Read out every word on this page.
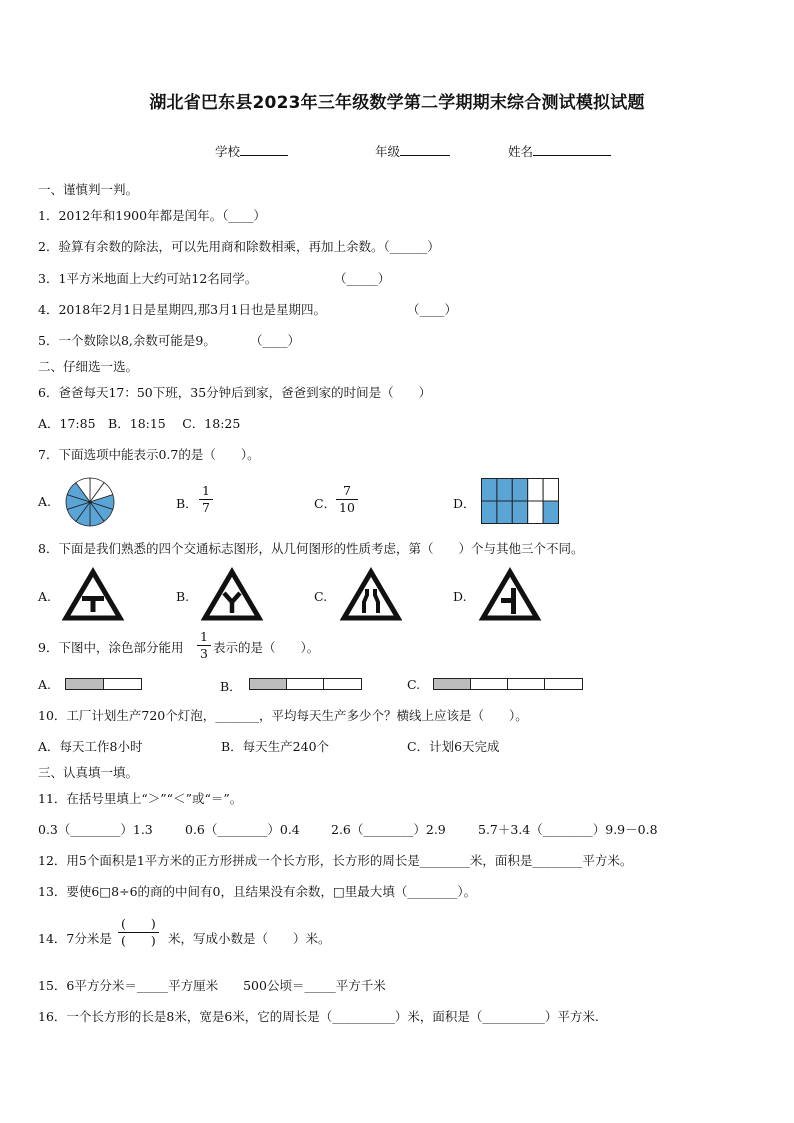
湖北省巴东县2023年三年级数学第二学期期末综合测试模拟试题
学校	年级	姓名
一、谨慎判一判。
1．2012年和1900年都是闰年。（____）
2．验算有余数的除法，可以先用商和除数相乘，再加上余数。（______）
3．1平方米地面上大约可站12名同学。	（_____）
4．2018年2月1日是星期四,那3月1日也是星期四。	（____）
5．一个数除以8,余数可能是9。	（____）
二、仔细选一选。
6．爸爸每天17：50下班，35分钟后到家，爸爸到家的时间是（　　）
A．17:85　B．18:15　 C．18:25
7．下面选项中能表示0.7的是（　　）。
A.	B． $\frac{1}{7}$	C． $\frac{7}{10}$	D．
8．下面是我们熟悉的四个交通标志图形，从几何图形的性质考虑，第（　　）个与其他三个不同。
A.	B.	C.	D.
9．下图中，涂色部分能用 $\frac{1}{3}$ 表示的是（　　）。
A.	B．	C.
10．工厂计划生产720个灯泡，_______，平均每天生产多少个？横线上应该是（　　）。
A．每天工作8小时	B．每天生产240个	C．计划6天完成
三、认真填一填。
11．在括号里填上“＞”“＜”或“＝”。
0.3（________）1.3	0.6（________）0.4 2.6（________）2.9	5.7＋3.4（________）9.9－0.8
12．用5个面积是1平方米的正方形拼成一个长方形，长方形的周长是________米，面积是________平方米。
13．要使6□8÷6的商的中间有0，且结果没有余数，□里最大填（________）。
14．7分米是
(　　)
(　　) 米，写成小数是（　　）米。
15．6平方分米＝_____平方厘米　　500公顷＝_____平方千米
16．一个长方形的长是8米，宽是6米，它的周长是（__________）米，面积是（__________）平方米.
